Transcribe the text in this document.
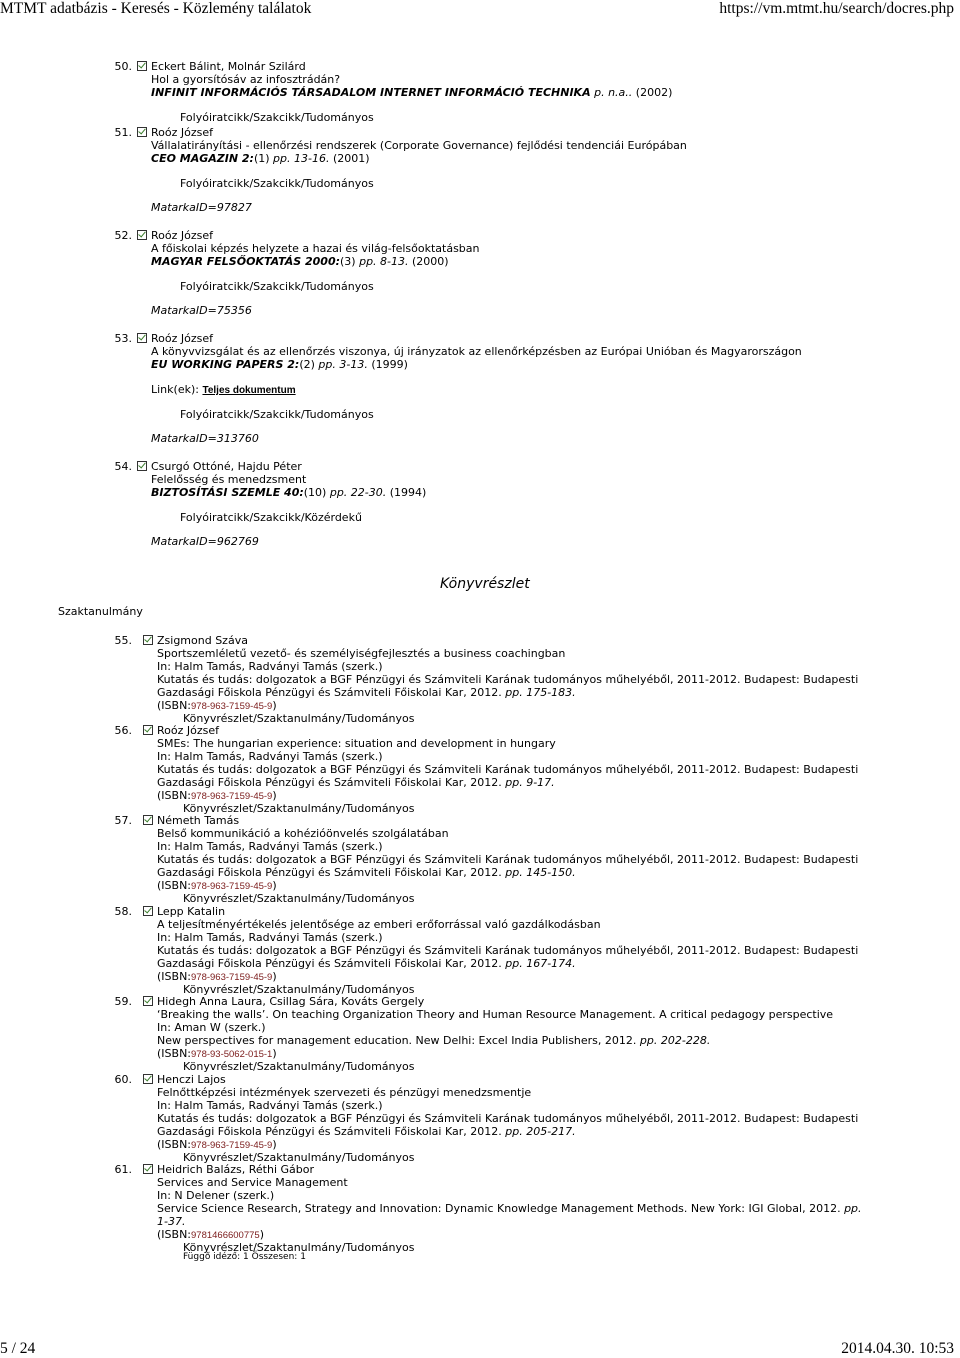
MTMT adatbázis - Keresés - Közlemény találatok	https://vm.mtmt.hu/search/docres.php
5 / 24	2014.04.30. 10:53
50. Eckert Bálint, Molnár Szilárd
Hol a gyorsítósáv az infosztrádán?
INFINIT INFORMÁCIÓS TÁRSADALOM INTERNET INFORMÁCIÓ TECHNIKA p. n.a.. (2002)
Folyóiratcikk/Szakcikk/Tudományos
51. Roóz József
Vállalatirányítási - ellenőrzési rendszerek (Corporate Governance) fejlődési tendenciái Európában
CEO MAGAZIN 2:(1) pp. 13-16. (2001)
Folyóiratcikk/Szakcikk/Tudományos
MatarkaID=97827
52. Roóz József
A főiskolai képzés helyzete a hazai és világ-felsőoktatásban
MAGYAR FELSŐOKTATÁS 2000:(3) pp. 8-13. (2000)
Folyóiratcikk/Szakcikk/Tudományos
MatarkaID=75356
53. Roóz József
A könyvvizsgálat és az ellenőrzés viszonya, új irányzatok az ellenőrképzésben az Európai Unióban és Magyarországon
EU WORKING PAPERS 2:(2) pp. 3-13. (1999)
Link(ek): Teljes dokumentum
Folyóiratcikk/Szakcikk/Tudományos
MatarkaID=313760
54. Csurgó Ottóné, Hajdu Péter
Felelősség és menedzsment
BIZTOSÍTÁSI SZEMLE 40:(10) pp. 22-30. (1994)
Folyóiratcikk/Szakcikk/Közérdekű
MatarkaID=962769
Könyvrészlet
Szaktanulmány
55. Zsigmond Száva
Sportszemléletű vezető- és személyiségfejlesztés a business coachingban
In: Halm Tamás, Radványi Tamás (szerk.)
Kutatás és tudás: dolgozatok a BGF Pénzügyi és Számviteli Karának tudományos műhelyéből, 2011-2012. Budapest: Budapesti
Gazdasági Főiskola Pénzügyi és Számviteli Főiskolai Kar, 2012. pp. 175-183.
(ISBN:978-963-7159-45-9)
Könyvrészlet/Szaktanulmány/Tudományos
56. Roóz József
SMEs: The hungarian experience: situation and development in hungary
In: Halm Tamás, Radványi Tamás (szerk.)
Kutatás és tudás: dolgozatok a BGF Pénzügyi és Számviteli Karának tudományos műhelyéből, 2011-2012. Budapest: Budapesti
Gazdasági Főiskola Pénzügyi és Számviteli Főiskolai Kar, 2012. pp. 9-17.
(ISBN:978-963-7159-45-9)
Könyvrészlet/Szaktanulmány/Tudományos
57. Németh Tamás
Belső kommunikáció a kohézióönvelés szolgálatában
In: Halm Tamás, Radványi Tamás (szerk.)
Kutatás és tudás: dolgozatok a BGF Pénzügyi és Számviteli Karának tudományos műhelyéből, 2011-2012. Budapest: Budapesti
Gazdasági Főiskola Pénzügyi és Számviteli Főiskolai Kar, 2012. pp. 145-150.
(ISBN:978-963-7159-45-9)
Könyvrészlet/Szaktanulmány/Tudományos
58. Lepp Katalin
A teljesítményértékelés jelentősége az emberi erőforrással való gazdálkodásban
In: Halm Tamás, Radványi Tamás (szerk.)
Kutatás és tudás: dolgozatok a BGF Pénzügyi és Számviteli Karának tudományos műhelyéből, 2011-2012. Budapest: Budapesti
Gazdasági Főiskola Pénzügyi és Számviteli Főiskolai Kar, 2012. pp. 167-174.
(ISBN:978-963-7159-45-9)
Könyvrészlet/Szaktanulmány/Tudományos
59. Hidegh Anna Laura, Csillag Sára, Kováts Gergely
‘Breaking the walls’. On teaching Organization Theory and Human Resource Management. A critical pedagogy perspective
In: Aman W (szerk.)
New perspectives for management education. New Delhi: Excel India Publishers, 2012. pp. 202-228.
(ISBN:978-93-5062-015-1)
Könyvrészlet/Szaktanulmány/Tudományos
60. Henczi Lajos
Felnőttképzési intézmények szervezeti és pénzügyi menedzsmentje
In: Halm Tamás, Radványi Tamás (szerk.)
Kutatás és tudás: dolgozatok a BGF Pénzügyi és Számviteli Karának tudományos műhelyéből, 2011-2012. Budapest: Budapesti
Gazdasági Főiskola Pénzügyi és Számviteli Főiskolai Kar, 2012. pp. 205-217.
(ISBN:978-963-7159-45-9)
Könyvrészlet/Szaktanulmány/Tudományos
61. Heidrich Balázs, Réthi Gábor
Services and Service Management
In: N Delener (szerk.)
Service Science Research, Strategy and Innovation: Dynamic Knowledge Management Methods. New York: IGI Global, 2012. pp.
1-37.
(ISBN:9781466600775)
Könyvrészlet/Szaktanulmány/Tudományos
Függő idéző: 1 Összesen: 1
